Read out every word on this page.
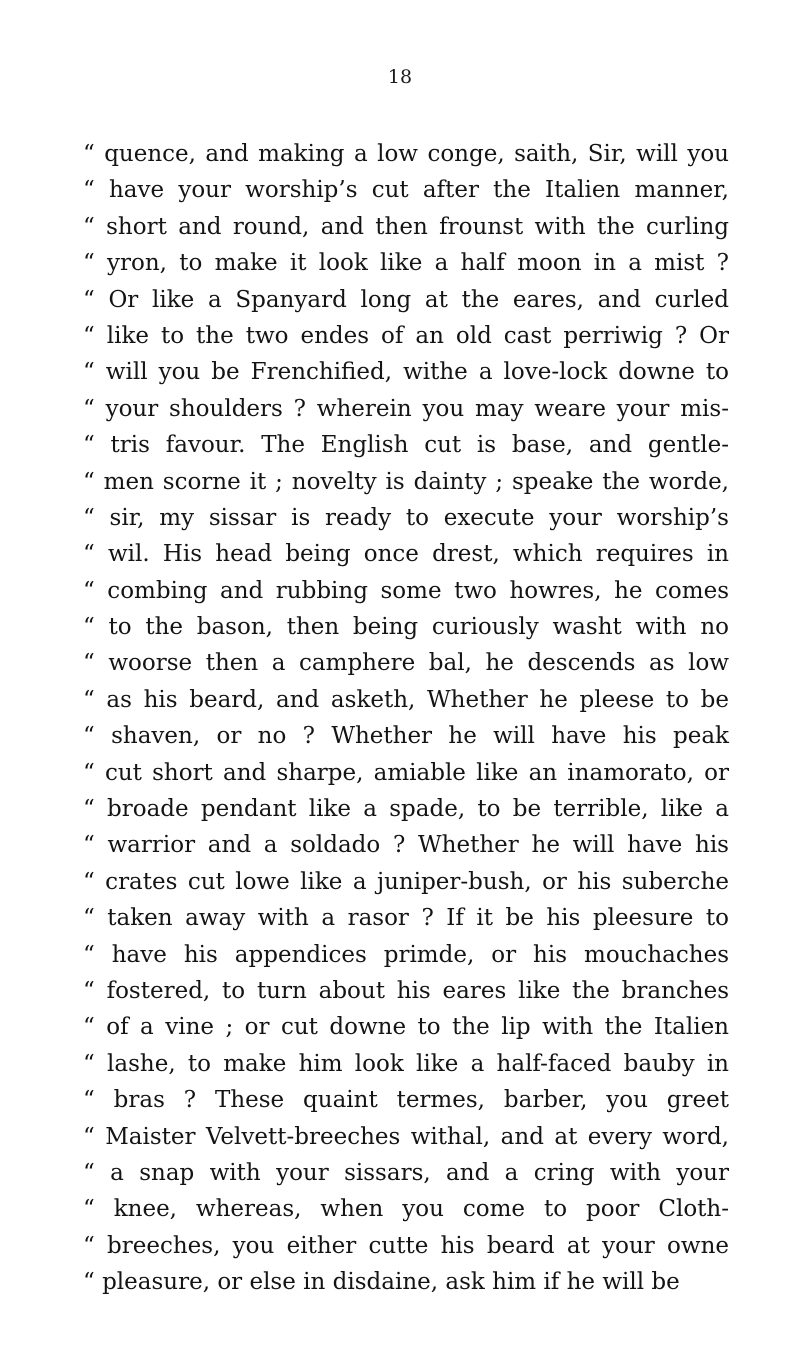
18
“ quence, and making a low conge, saith, Sir, will you
“ have your worship’s cut after the Italien manner,
“ short and round, and then frounst with the curling
“ yron, to make it look like a half moon in a mist ?
“ Or like a Spanyard long at the eares, and curled
“ like to the two endes of an old cast perriwig ? Or
“ will you be Frenchified, withe a love-lock downe to
“ your shoulders ? wherein you may weare your mis-
“ tris favour. The English cut is base, and gentle-
“ men scorne it ; novelty is dainty ; speake the worde,
“ sir, my sissar is ready to execute your worship’s
“ wil. His head being once drest, which requires in
“ combing and rubbing some two howres, he comes
“ to the bason, then being curiously washt with no
“ woorse then a camphere bal, he descends as low
“ as his beard, and asketh, Whether he pleese to be
“ shaven, or no ? Whether he will have his peak
“ cut short and sharpe, amiable like an inamorato, or
“ broade pendant like a spade, to be terrible, like a
“ warrior and a soldado ? Whether he will have his
“ crates cut lowe like a juniper-bush, or his suberche
“ taken away with a rasor ? If it be his pleesure to
“ have his appendices primde, or his mouchaches
“ fostered, to turn about his eares like the branches
“ of a vine ; or cut downe to the lip with the Italien
“ lashe, to make him look like a half-faced bauby in
“ bras ? These quaint termes, barber, you greet
“ Maister Velvett-breeches withal, and at every word,
“ a snap with your sissars, and a cring with your
“ knee, whereas, when you come to poor Cloth-
“ breeches, you either cutte his beard at your owne
“ pleasure, or else in disdaine, ask him if he will be
